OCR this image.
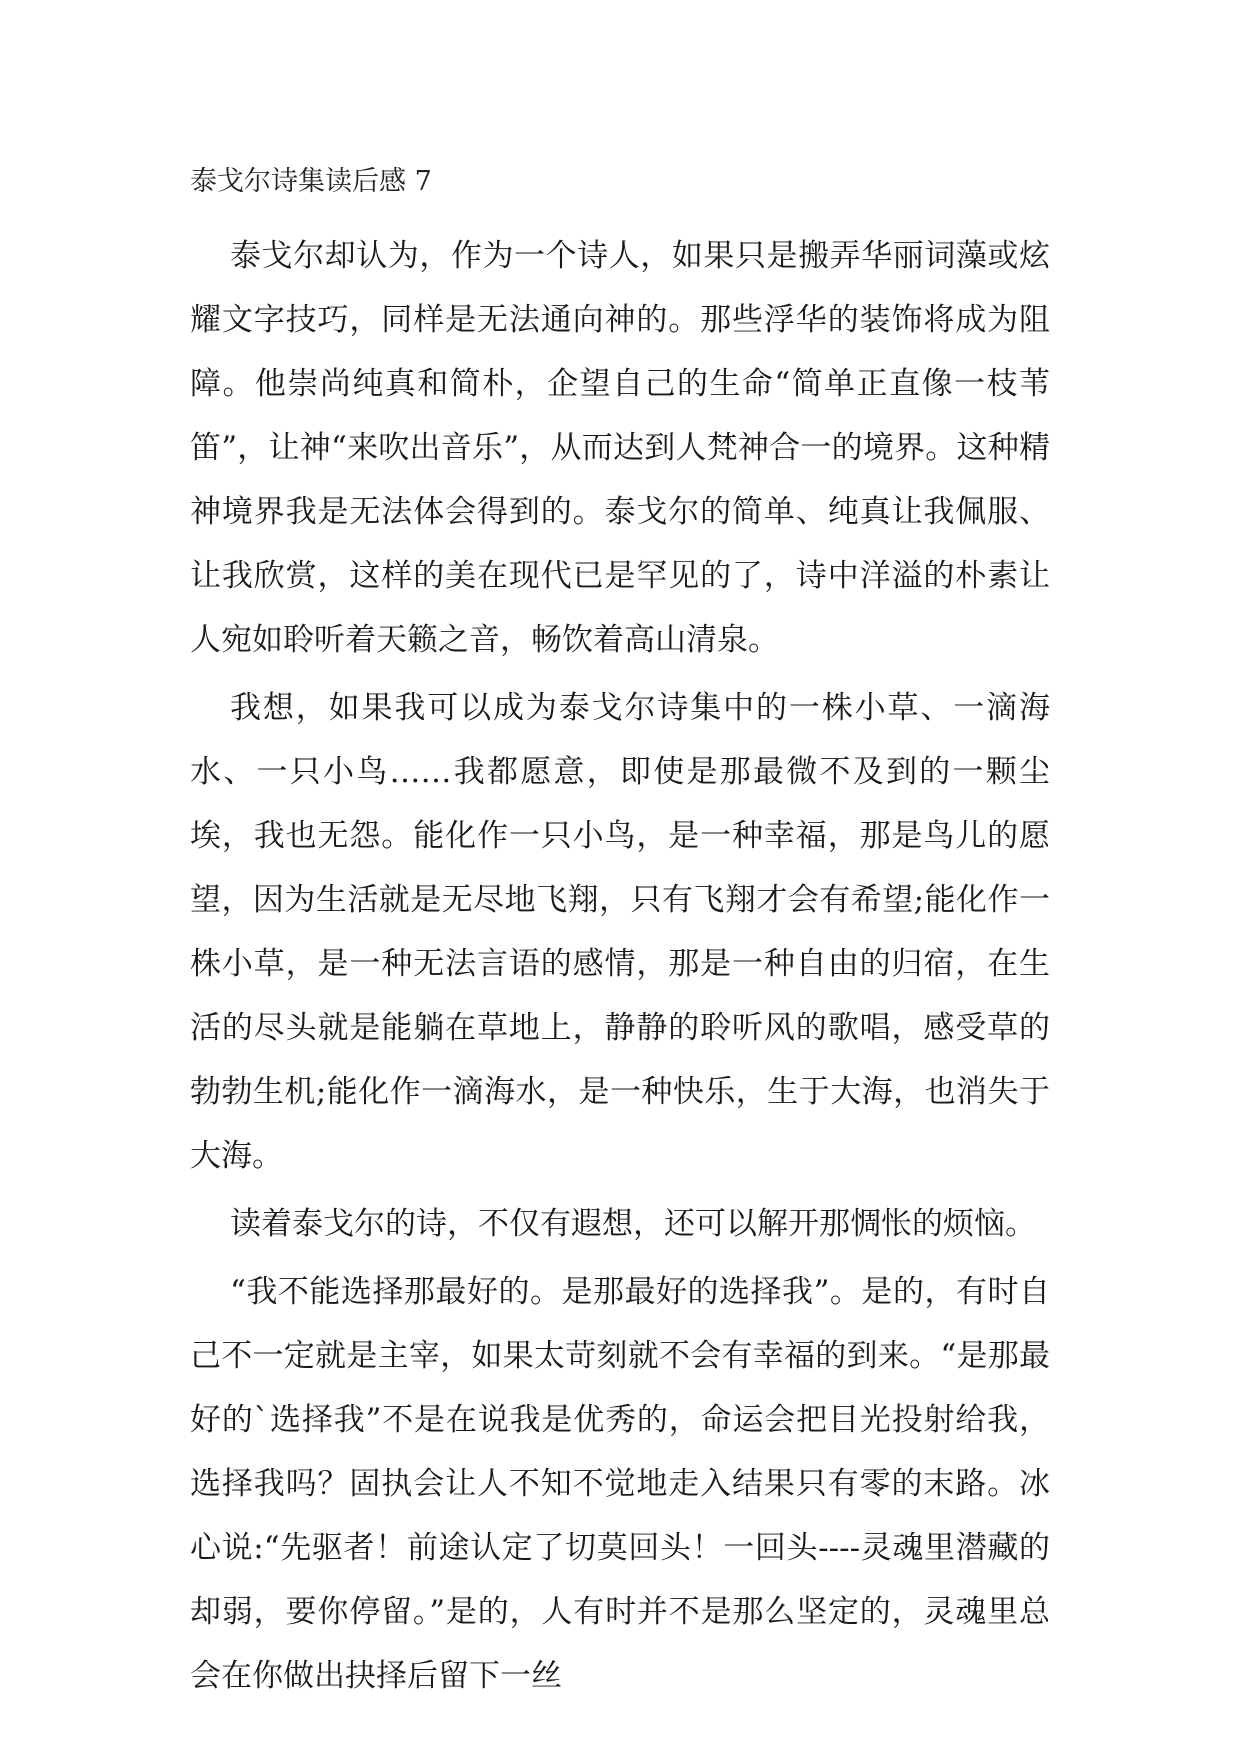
泰戈尔诗集读后感 7

泰戈尔却认为，作为一个诗人，如果只是搬弄华丽词藻或炫耀文字技巧，同样是无法通向神的。那些浮华的装饰将成为阻障。他崇尚纯真和简朴，企望自己的生命“简单正直像一枝苇笛”，让神“来吹出音乐”，从而达到人梵神合一的境界。这种精神境界我是无法体会得到的。泰戈尔的简单、纯真让我佩服、让我欣赏，这样的美在现代已是罕见的了，诗中洋溢的朴素让人宛如聆听着天籁之音，畅饮着高山清泉。

我想，如果我可以成为泰戈尔诗集中的一株小草、一滴海水、一只小鸟……我都愿意，即使是那最微不及到的一颗尘埃，我也无怨。能化作一只小鸟，是一种幸福，那是鸟儿的愿望，因为生活就是无尽地飞翔，只有飞翔才会有希望;能化作一株小草，是一种无法言语的感情，那是一种自由的归宿，在生活的尽头就是能躺在草地上，静静的聆听风的歌唱，感受草的勃勃生机;能化作一滴海水，是一种快乐，生于大海，也消失于大海。

读着泰戈尔的诗，不仅有遐想，还可以解开那惆怅的烦恼。

“我不能选择那最好的。是那最好的选择我”。是的，有时自己不一定就是主宰，如果太苛刻就不会有幸福的到来。“是那最好的`选择我”不是在说我是优秀的，命运会把目光投射给我，选择我吗？固执会让人不知不觉地走入结果只有零的末路。冰心说:“先驱者！前途认定了切莫回头！一回头----灵魂里潜藏的却弱，要你停留。”是的，人有时并不是那么坚定的，灵魂里总会在你做出抉择后留下一丝
